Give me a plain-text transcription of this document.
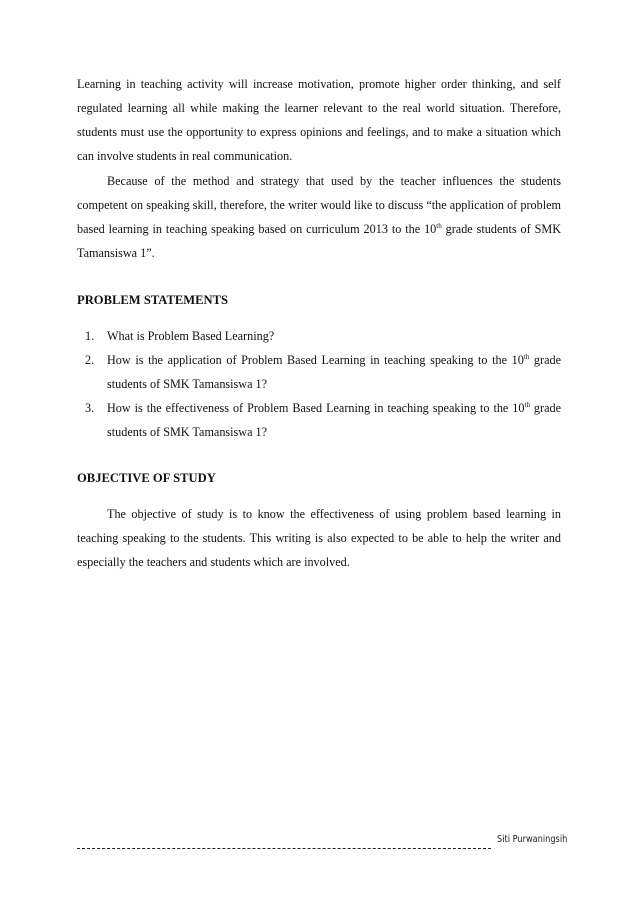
Learning in teaching activity will increase motivation, promote higher order thinking, and self regulated learning all while making the learner relevant to the real world situation. Therefore, students must use the opportunity to express opinions and feelings, and to make a situation which can involve students in real communication.

Because of the method and strategy that used by the teacher influences the students competent on speaking skill, therefore, the writer would like to discuss “the application of problem based learning in teaching speaking based on curriculum 2013 to the 10th grade students of SMK Tamansiswa 1”.

PROBLEM STATEMENTS

1. What is Problem Based Learning?
2. How is the application of Problem Based Learning in teaching speaking to the 10th grade students of SMK Tamansiswa 1?
3. How is the effectiveness of Problem Based Learning in teaching speaking to the 10th grade students of SMK Tamansiswa 1?

OBJECTIVE OF STUDY

The objective of study is to know the effectiveness of using problem based learning in teaching speaking to the students. This writing is also expected to be able to help the writer and especially the teachers and students which are involved.

Siti Purwaningsih
